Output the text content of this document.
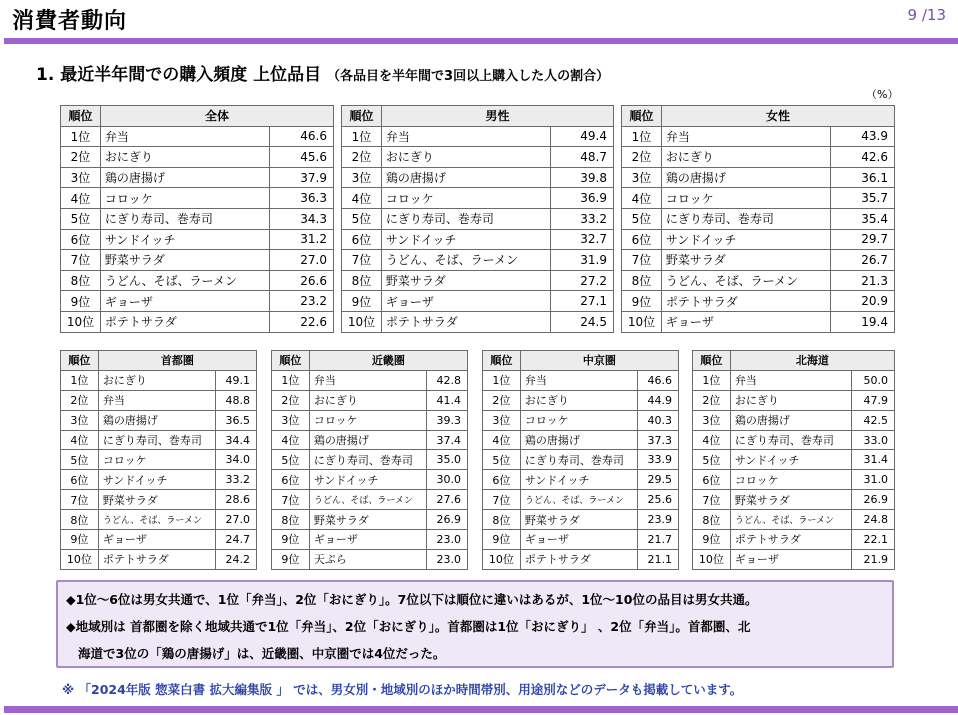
消費者動向	9 /13
1. 最近半年間での購入頻度 上位品目 （各品目を半年間で3回以上購入した人の割合）
（%）
順位	全体	
1位	弁当	46.6
2位	おにぎり	45.6
3位	鶏の唐揚げ	37.9
4位	コロッケ	36.3
5位	にぎり寿司、巻寿司	34.3
6位	サンドイッチ	31.2
7位	野菜サラダ	27.0
8位	うどん、そば、ラーメン	26.6
9位	ギョーザ	23.2
10位	ポテトサラダ	22.6
順位	男性	
1位	弁当	49.4
2位	おにぎり	48.7
3位	鶏の唐揚げ	39.8
4位	コロッケ	36.9
5位	にぎり寿司、巻寿司	33.2
6位	サンドイッチ	32.7
7位	うどん、そば、ラーメン	31.9
8位	野菜サラダ	27.2
9位	ギョーザ	27.1
10位	ポテトサラダ	24.5
順位	女性	
1位	弁当	43.9
2位	おにぎり	42.6
3位	鶏の唐揚げ	36.1
4位	コロッケ	35.7
5位	にぎり寿司、巻寿司	35.4
6位	サンドイッチ	29.7
7位	野菜サラダ	26.7
8位	うどん、そば、ラーメン	21.3
9位	ポテトサラダ	20.9
10位	ギョーザ	19.4
順位	首都圏	
1位	おにぎり	49.1
2位	弁当	48.8
3位	鶏の唐揚げ	36.5
4位	にぎり寿司、巻寿司	34.4
5位	コロッケ	34.0
6位	サンドイッチ	33.2
7位	野菜サラダ	28.6
8位	うどん、そば、ラーメン	27.0
9位	ギョーザ	24.7
10位	ポテトサラダ	24.2
順位	近畿圏	
1位	弁当	42.8
2位	おにぎり	41.4
3位	コロッケ	39.3
4位	鶏の唐揚げ	37.4
5位	にぎり寿司、巻寿司	35.0
6位	サンドイッチ	30.0
7位	うどん、そば、ラーメン	27.6
8位	野菜サラダ	26.9
9位	ギョーザ	23.0
9位	天ぷら	23.0
順位	中京圏	
1位	弁当	46.6
2位	おにぎり	44.9
3位	コロッケ	40.3
4位	鶏の唐揚げ	37.3
5位	にぎり寿司、巻寿司	33.9
6位	サンドイッチ	29.5
7位	うどん、そば、ラーメン	25.6
8位	野菜サラダ	23.9
9位	ギョーザ	21.7
10位	ポテトサラダ	21.1
順位	北海道	
1位	弁当	50.0
2位	おにぎり	47.9
3位	鶏の唐揚げ	42.5
4位	にぎり寿司、巻寿司	33.0
5位	サンドイッチ	31.4
6位	コロッケ	31.0
7位	野菜サラダ	26.9
8位	うどん、そば、ラーメン	24.8
9位	ポテトサラダ	22.1
10位	ギョーザ	21.9

◆1位～6位は男女共通で、1位「弁当」、2位「おにぎり」。7位以下は順位に違いはあるが、1位～10位の品目は男女共通。

◆地域別は 首都圏を除く地域共通で1位「弁当」、2位「おにぎり」。首都圏は1位「おにぎり」 、2位「弁当」。首都圏、北

海道で3位の「鶏の唐揚げ」は、近畿圏、中京圏では4位だった。

※ 「2024年版 惣菜白書 拡大編集版 」 では、男女別・地域別のほか時間帯別、用途別などのデータも掲載しています。
